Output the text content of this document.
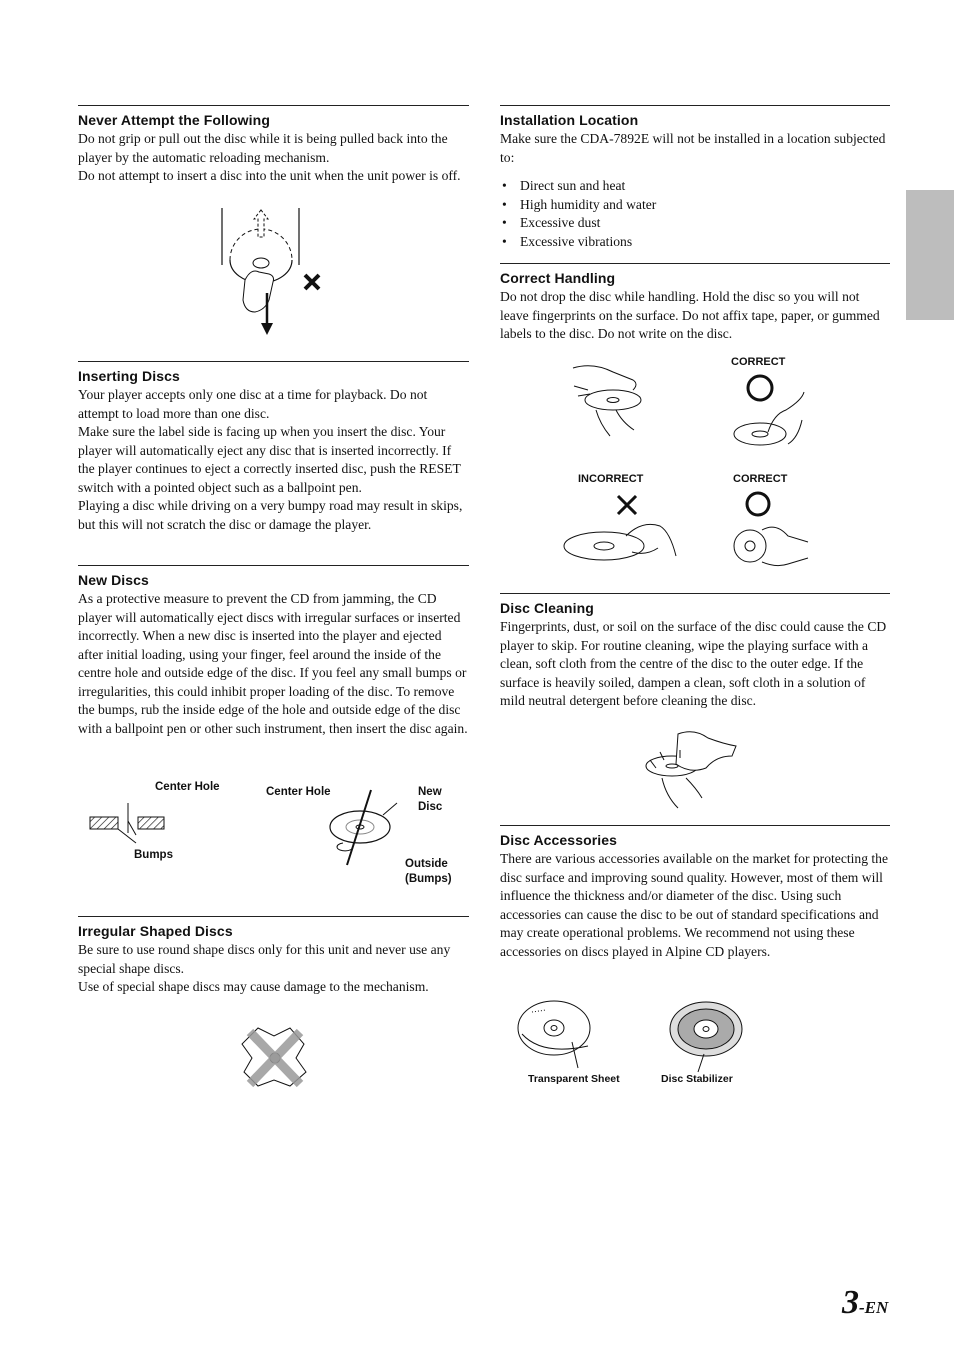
Never Attempt the Following

Do not grip or pull out the disc while it is being pulled back into the player by the automatic reloading mechanism.

Do not attempt to insert a disc into the unit when the unit power is off.

Inserting Discs

Your player accepts only one disc at a time for playback. Do not attempt to load more than one disc.

Make sure the label side is facing up when you insert the disc. Your player will automatically eject any disc that is inserted incorrectly. If the player continues to eject a correctly inserted disc, push the RESET switch with a pointed object such as a ballpoint pen.

Playing a disc while driving on a very bumpy road may result in skips, but this will not scratch the disc or damage the player.

New Discs

As a protective measure to prevent the CD from jamming, the CD player will automatically eject discs with irregular surfaces or inserted incorrectly. When a new disc is inserted into the player and ejected after initial loading, using your finger, feel around the inside of the centre hole and outside edge of the disc. If you feel any small bumps or irregularities, this could inhibit proper loading of the disc. To remove the bumps, rub the inside edge of the hole and outside edge of the disc with a ballpoint pen or other such instrument, then insert the disc again.

Center Hole
Bumps
Center Hole	New
Disc
Outside
(Bumps)
Irregular Shaped Discs

Be sure to use round shape discs only for this unit and never use any special shape discs.

Use of special shape discs may cause damage to the mechanism.

Installation Location

Make sure the CDA-7892E will not be installed in a location subjected to:

• Direct sun and heat
• High humidity and water
• Excessive dust
• Excessive vibrations
Correct Handling

Do not drop the disc while handling. Hold the disc so you will not leave fingerprints on the surface. Do not affix tape, paper, or gummed labels to the disc. Do not write on the disc.

CORRECT
INCORRECT	CORRECT
Disc Cleaning

Fingerprints, dust, or soil on the surface of the disc could cause the CD player to skip. For routine cleaning, wipe the playing surface with a clean, soft cloth from the centre of the disc to the outer edge. If the surface is heavily soiled, dampen a clean, soft cloth in a solution of mild neutral detergent before cleaning the disc.

Disc Accessories

There are various accessories available on the market for protecting the disc surface and improving sound quality. However, most of them will influence the thickness and/or diameter of the disc. Using such accessories can cause the disc to be out of standard specifications and may create operational problems. We recommend not using these accessories on discs played in Alpine CD players.

Transparent Sheet	Disc Stabilizer
3-EN
